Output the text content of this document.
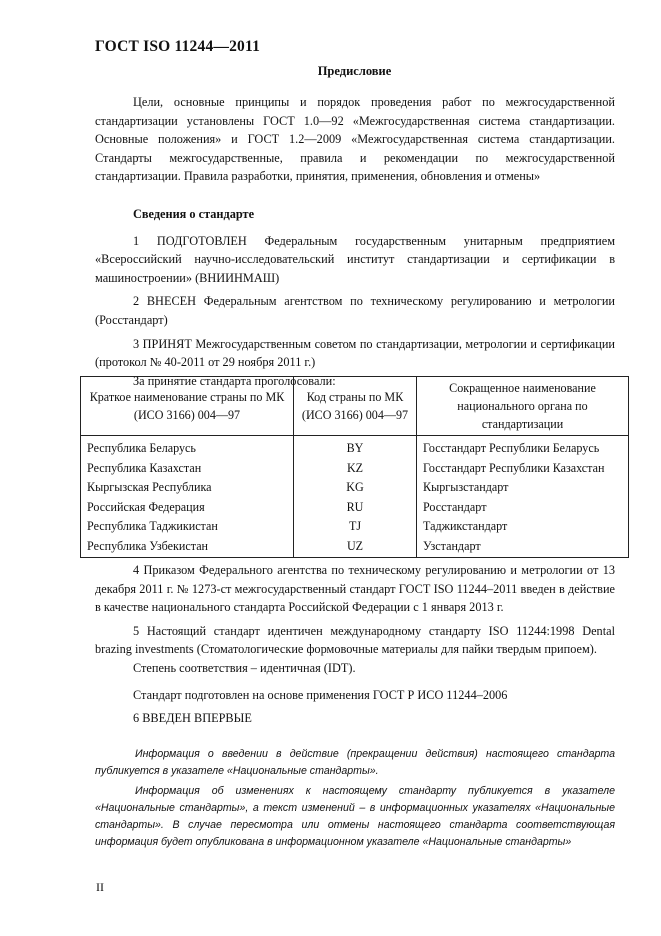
ГОСТ ISO 11244—2011
Предисловие

Цели, основные принципы и порядок проведения работ по межгосударственной стандартизации установлены ГОСТ 1.0—92 «Межгосударственная система стандартизации. Основные положения» и ГОСТ 1.2—2009 «Межгосударственная система стандартизации. Стандарты межгосударственные, правила и рекомендации по межгосударственной стандартизации. Правила разработки, принятия, применения, обновления и отмены»

Сведения о стандарте

1 ПОДГОТОВЛЕН Федеральным государственным унитарным предприятием «Всероссийский научно-исследовательский институт стандартизации и сертификации в машиностроении» (ВНИИНМАШ)

2 ВНЕСЕН Федеральным агентством по техническому регулированию и метрологии (Росстандарт)

3 ПРИНЯТ Межгосударственным советом по стандартизации, метрологии и сертификации (протокол № 40-2011 от 29 ноября 2011 г.)

За принятие стандарта проголосовали:

Краткое наименование страны по МК (ИСО 3166) 004—97	Код страны по МК (ИСО 3166) 004—97	Сокращенное наименование национального органа по стандартизации
Республика Беларусь	BY	Госстандарт Республики Беларусь
Республика Казахстан	KZ	Госстандарт Республики Казахстан
Кыргызская Республика	KG	Кыргызстандарт
Российская Федерация	RU	Росстандарт
Республика Таджикистан	TJ	Таджикстандарт
Республика Узбекистан	UZ	Узстандарт

4 Приказом Федерального агентства по техническому регулированию и метрологии от 13 декабря 2011 г. № 1273-ст межгосударственный стандарт ГОСТ ISO 11244–2011 введен в действие в качестве национального стандарта Российской Федерации с 1 января 2013 г.

5 Настоящий стандарт идентичен международному стандарту ISO 11244:1998 Dental brazing investments (Стоматологические формовочные материалы для пайки твердым припоем).

Степень соответствия – идентичная (IDT).

Стандарт подготовлен на основе применения ГОСТ Р ИСО 11244–2006

6 ВВЕДЕН ВПЕРВЫЕ

Информация о введении в действие (прекращении действия) настоящего стандарта публикуется в указателе «Национальные стандарты».

Информация об изменениях к настоящему стандарту публикуется в указателе «Национальные стандарты», а текст изменений – в информационных указателях «Национальные стандарты». В случае пересмотра или отмены настоящего стандарта соответствующая информация будет опубликована в информационном указателе «Национальные стандарты»

II
